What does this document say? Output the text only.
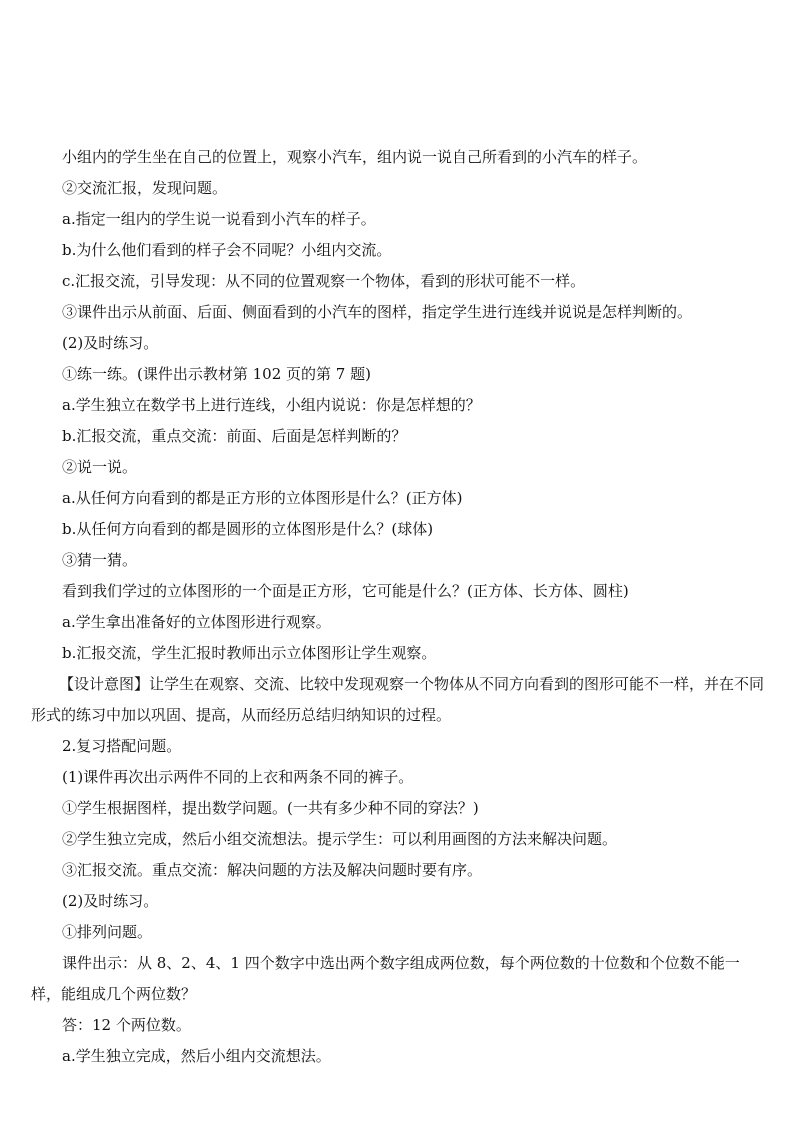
小组内的学生坐在自己的位置上，观察小汽车，组内说一说自己所看到的小汽车的样子。

②交流汇报，发现问题。

a.指定一组内的学生说一说看到小汽车的样子。

b.为什么他们看到的样子会不同呢？小组内交流。

c.汇报交流，引导发现：从不同的位置观察一个物体，看到的形状可能不一样。

③课件出示从前面、后面、侧面看到的小汽车的图样，指定学生进行连线并说说是怎样判断的。

(2)及时练习。

①练一练。(课件出示教材第 102 页的第 7 题)

a.学生独立在数学书上进行连线，小组内说说：你是怎样想的？

b.汇报交流，重点交流：前面、后面是怎样判断的？

②说一说。

a.从任何方向看到的都是正方形的立体图形是什么？(正方体)

b.从任何方向看到的都是圆形的立体图形是什么？(球体)

③猜一猜。

看到我们学过的立体图形的一个面是正方形，它可能是什么？(正方体、长方体、圆柱)

a.学生拿出准备好的立体图形进行观察。

b.汇报交流，学生汇报时教师出示立体图形让学生观察。

【设计意图】让学生在观察、交流、比较中发现观察一个物体从不同方向看到的图形可能不一样，并在不同形式的练习中加以巩固、提高，从而经历总结归纳知识的过程。

2.复习搭配问题。

(1)课件再次出示两件不同的上衣和两条不同的裤子。

①学生根据图样，提出数学问题。(一共有多少种不同的穿法？)

②学生独立完成，然后小组交流想法。提示学生：可以利用画图的方法来解决问题。

③汇报交流。重点交流：解决问题的方法及解决问题时要有序。

(2)及时练习。

①排列问题。

课件出示：从 8、2、4、1 四个数字中选出两个数字组成两位数，每个两位数的十位数和个位数不能一样，能组成几个两位数？

答：12 个两位数。

a.学生独立完成，然后小组内交流想法。
